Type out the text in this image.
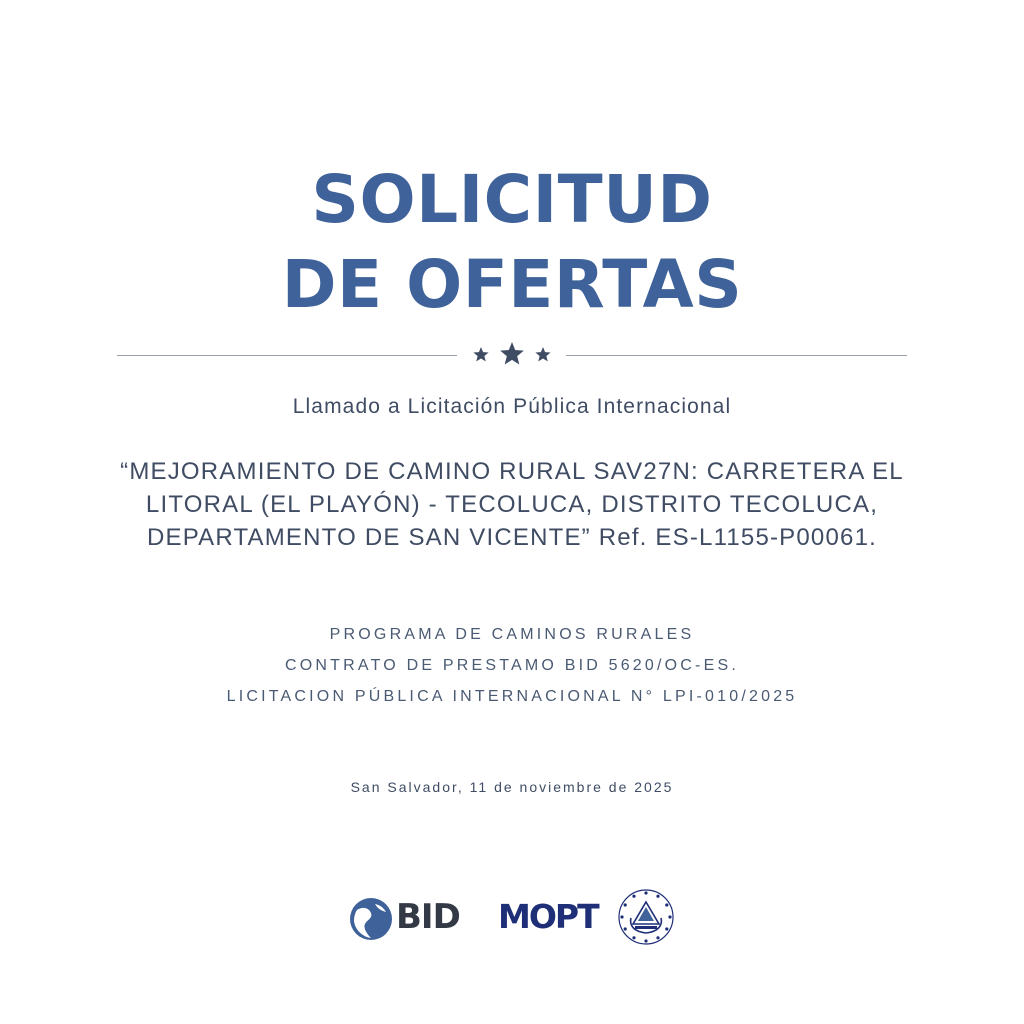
SOLICITUD
DE OFERTAS
Llamado a Licitación Pública Internacional
“MEJORAMIENTO DE CAMINO RURAL SAV27N: CARRETERA EL
LITORAL (EL PLAYÓN) - TECOLUCA, DISTRITO TECOLUCA,
DEPARTAMENTO DE SAN VICENTE” Ref. ES-L1155-P00061.
PROGRAMA DE CAMINOS RURALES
CONTRATO DE PRESTAMO BID 5620/OC-ES.
LICITACION PÚBLICA INTERNACIONAL N° LPI-010/2025
San Salvador, 11 de noviembre de 2025
BID MOPT
